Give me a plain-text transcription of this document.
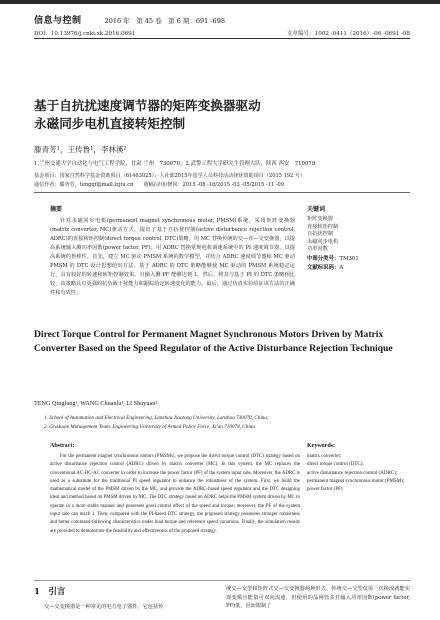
信息与控制	2016 年　第 45 卷　第 6 期：691 -698
DOI：10.13976/j.cnki.xk.2016.0691	文章编号：1002 -0411（2016）-06 -0691 -08
基于自抗扰速度调节器的矩阵变换器驱动
永磁同步电机直接转矩控制
滕青芳¹，王传鲁¹，李林溪²
1.兰州交通大学自动化与电气工程学院，甘肃 兰州　730070；2.武警工程大学研究生管理大队，陕西 西安　710078
基金项目：国家自然科学基金资助项目（61463025）；人社部2015年留学人员科技活动择优资助项目（2015 192 号）
通信作者：滕青芳，tengqf@mail.lzjtu.cn　　收稿/录用/修回：2015 -08 -18/2015 -03 -05/2015 -11 -09
摘要
针对永磁同步电机(permanent magnet synchronous motor, PMSM)系统，采用矩阵变换器(matrix converter, MC)驱动方式，提出了基于自抗扰控制(active disturbance rejection control, ADRC)的直接转矩控制(direct torque control, DTC)策略。用 MC 替换传统的交—直—交变换器，以提高系统输入侧功率因数(power factor, PF)；用 ADRC 替换常规电机调速系统中的 PI 速度调节器，以提高系统的鲁棒性。首先，建立 MC 驱动 PMSM 系统的数学模型，并结合 ADRC 速度调节器和 MC 驱动 PMSM 的 DTC 设计思想给出方法。基于 ADRC 的 DTC 策略能够使 MC 驱动的 PMSM 系统稳定运行，具有较好的转速和转矩控制效果，且输入侧 PF 能够达到 1。然后，将其与基于 PI 的 DTC 策略相比较，该策略具有更强的抗负载干扰能力和跟踪给定转速变化的能力。最后，通过仿真实验验证该方法的正确性和有效性。
关键词
矩阵变换器
直接转矩控制
自抗扰控制
永磁同步电机
功率因数
中图分类号：TM301
文献标识码：A
Direct Torque Control for Permanent Magnet Synchronous Motors Driven by Matrix Converter Based on the Speed Regulator of the Active Disturbance Rejection Technique
TENG Qingfang¹, WANG Chuanlu¹, LI Shuyuan²
1. School of Automation and Electrical Engineering, Lanzhou Jiaotong University, Lanzhou 730070, China;
2. Graduate Management Team, Engineering University of Armed Police Force, Xi'an 710078, China
Abstract:
For the permanent magnet synchronous motors (PMSMs), we propose the direct torque control (DTC) strategy based on active disturbance rejection control (ADRC) driven by matrix converter (MC). In this system, the MC replaces the conventional AC-DC-AC converter in order to increase the power factor (PF) of the system input side. Moreover, the ADRC is used as a substitute for the traditional PI speed regulator to enhance the robustness of the system. First, we build the mathematical model of the PMSM driven by the MC, and provide the ADRC-based speed regulator and the DTC designing ideal and method based on PMSM driven by MC. The DTC strategy based on ADRC helps the PMSM system driven by MC to operate in a more stable manner and possesses good control effect of the speed and torque; moreover, the PF of the system input side can reach 1. Then, compared with the PI-based DTC strategy, the proposed strategy possesses stronger robustness and better command-following characteristics under load torque and reference speed variations. Finally, the simulation results are provided to demonstrate the feasibility and effectiveness of the proposed strategy.
Keywords:
matrix converter;
direct torque control (DTC);
active disturbance rejection control (ADRC);
permanent magnet synchronous motor (PMSM);
power factor (PF)
1　引言
交—交变换器是一种常见的电力电子器件，它包括传
统交—交型和矩阵式交—交变换器两种形式。传统交—交型仅需一次换流就能实现变频且能量可双向流通，但使用的晶闸管多且输入功率因数(power factor, PF)低，因而限制了
